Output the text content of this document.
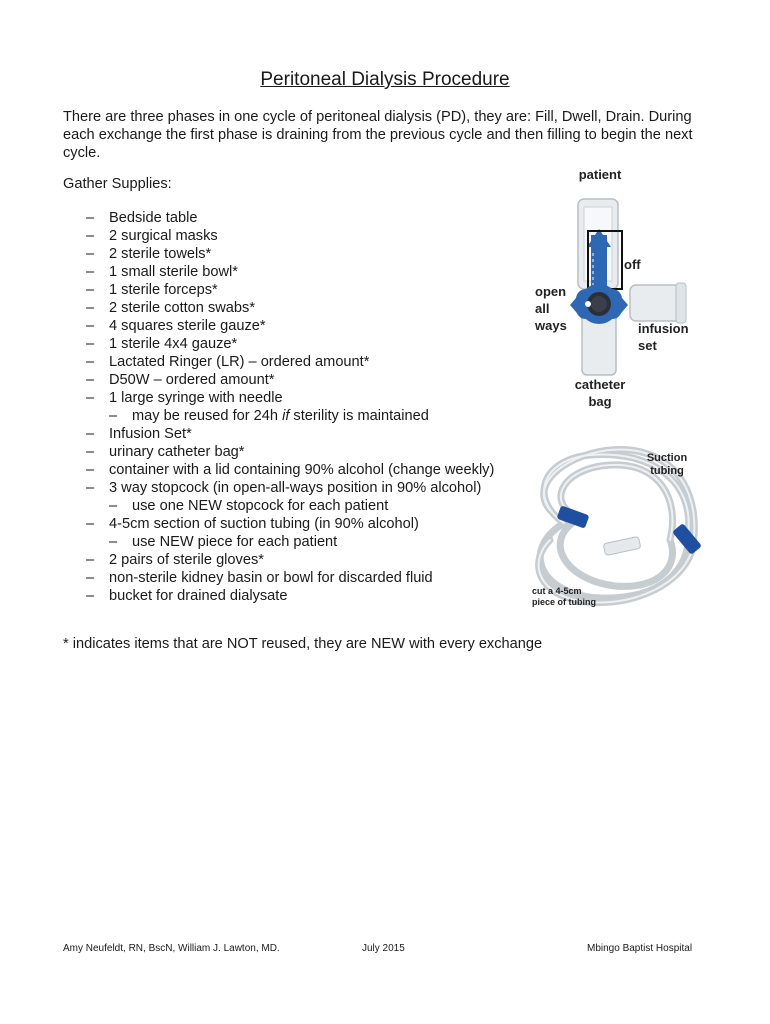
Peritoneal Dialysis Procedure
There are three phases in one cycle of peritoneal dialysis (PD), they are: Fill, Dwell, Drain. During each exchange the first phase is draining from the previous cycle and then filling to begin the next cycle.
Gather Supplies:
– Bedside table
– 2 surgical masks
– 2 sterile towels*
– 1 small sterile bowl*
– 1 sterile forceps*
– 2 sterile cotton swabs*
– 4 squares sterile gauze*
– 1 sterile 4x4 gauze*
– Lactated Ringer (LR) – ordered amount*
– D50W – ordered amount*
– 1 large syringe with needle
– may be reused for 24h if sterility is maintained
– Infusion Set*
– urinary catheter bag*
– container with a lid containing 90% alcohol (change weekly)
– 3 way stopcock (in open-all-ways position in 90% alcohol)
– use one NEW stopcock for each patient
– 4-5cm section of suction tubing (in 90% alcohol)
– use NEW piece for each patient
– 2 pairs of sterile gloves*
– non-sterile kidney basin or bowl for discarded fluid
– bucket for drained dialysate
patient
off
open
all
ways	infusion
set
catheter
bag
Suction
tubing
cut a 4-5cm
piece of tubing
* indicates items that are NOT reused, they are NEW with every exchange
Amy Neufeldt, RN, BscN, William J. Lawton, MD.	July 2015	Mbingo Baptist Hospital
